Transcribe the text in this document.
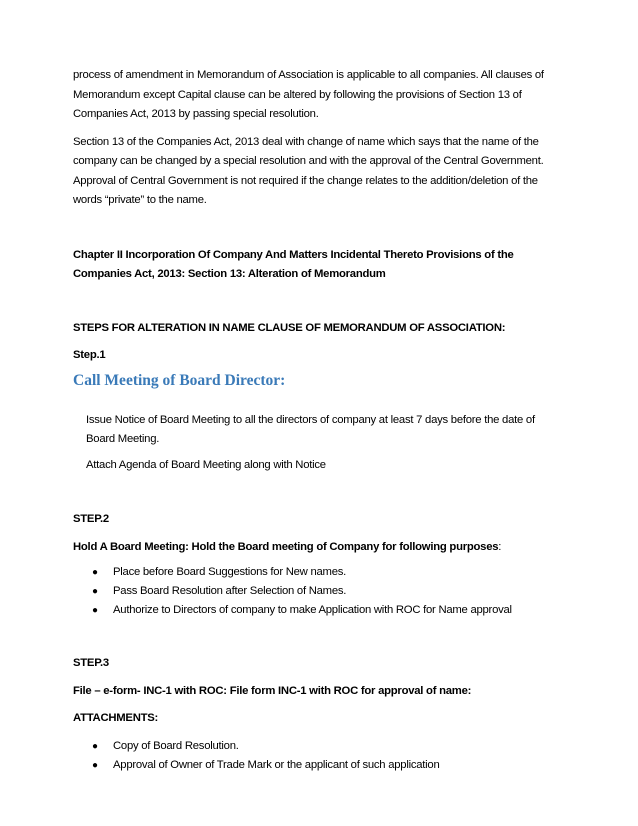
process of amendment in Memorandum of Association is applicable to all companies. All clauses of Memorandum except Capital clause can be altered by following the provisions of Section 13 of Companies Act, 2013 by passing special resolution.

Section 13 of the Companies Act, 2013 deal with change of name which says that the name of the company can be changed by a special resolution and with the approval of the Central Government. Approval of Central Government is not required if the change relates to the addition/deletion of the words “private” to the name.

Chapter II Incorporation Of Company And Matters Incidental Thereto Provisions of the Companies Act, 2013: Section 13: Alteration of Memorandum

STEPS FOR ALTERATION IN NAME CLAUSE OF MEMORANDUM OF ASSOCIATION:

Step.1

Call Meeting of Board Director:

Issue Notice of Board Meeting to all the directors of company at least 7 days before the date of Board Meeting.

Attach Agenda of Board Meeting along with Notice

STEP.2

Hold A Board Meeting: Hold the Board meeting of Company for following purposes:

● Place before Board Suggestions for New names.
● Pass Board Resolution after Selection of Names.
● Authorize to Directors of company to make Application with ROC for Name approval

STEP.3

File – e-form- INC-1 with ROC: File form INC-1 with ROC for approval of name:

ATTACHMENTS:

● Copy of Board Resolution.
● Approval of Owner of Trade Mark or the applicant of such application
